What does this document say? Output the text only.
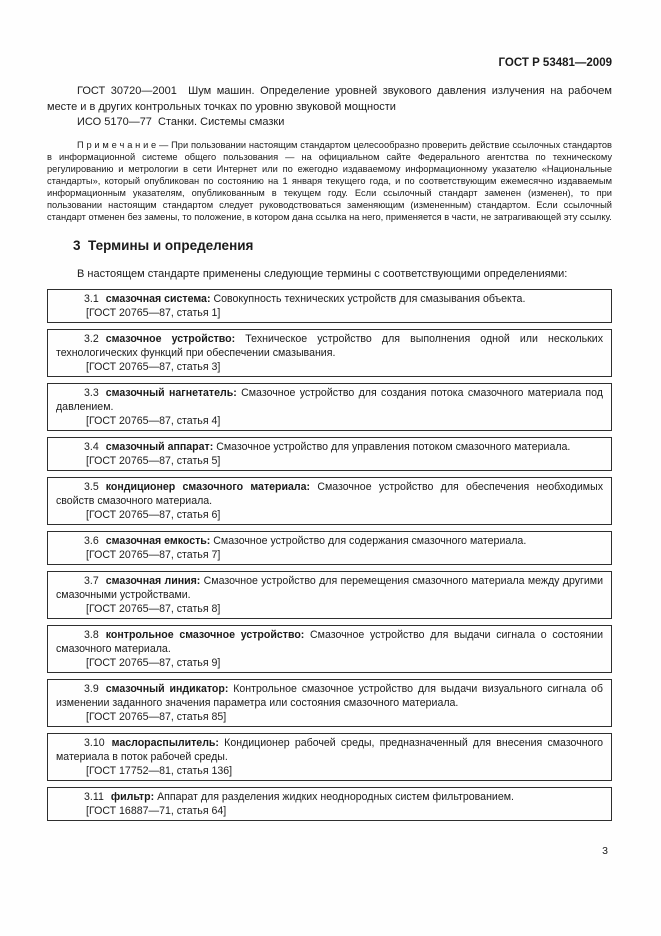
ГОСТ Р 53481—2009

ГОСТ 30720—2001  Шум машин. Определение уровней звукового давления излучения на рабочем месте и в других контрольных точках по уровню звуковой мощности

ИСО 5170—77  Станки. Системы смазки

П р и м е ч а н и е — При пользовании настоящим стандартом целесообразно проверить действие ссылочных стандартов в информационной системе общего пользования — на официальном сайте Федерального агентства по техническому регулированию и метрологии в сети Интернет или по ежегодно издаваемому информационному указателю «Национальные стандарты», который опубликован по состоянию на 1 января текущего года, и по соответствующим ежемесячно издаваемым информационным указателям, опубликованным в текущем году. Если ссылочный стандарт заменен (изменен), то при пользовании настоящим стандартом следует руководствоваться заменяющим (измененным) стандартом. Если ссылочный стандарт отменен без замены, то положение, в котором дана ссылка на него, применяется в части, не затрагивающей эту ссылку.

3  Термины и определения

В настоящем стандарте применены следующие термины с соответствующими определениями:

3.1 смазочная система: Совокупность технических устройств для смазывания объекта.

[ГОСТ 20765—87, статья 1]

3.2 смазочное устройство: Техническое устройство для выполнения одной или нескольких технологических функций при обеспечении смазывания.

[ГОСТ 20765—87, статья 3]

3.3 смазочный нагнетатель: Смазочное устройство для создания потока смазочного материала под давлением.

[ГОСТ 20765—87, статья 4]

3.4 смазочный аппарат: Смазочное устройство для управления потоком смазочного материала.

[ГОСТ 20765—87, статья 5]

3.5 кондиционер смазочного материала: Смазочное устройство для обеспечения необходимых свойств смазочного материала.

[ГОСТ 20765—87, статья 6]

3.6 смазочная емкость: Смазочное устройство для содержания смазочного материала.

[ГОСТ 20765—87, статья 7]

3.7 смазочная линия: Смазочное устройство для перемещения смазочного материала между другими смазочными устройствами.

[ГОСТ 20765—87, статья 8]

3.8 контрольное смазочное устройство: Смазочное устройство для выдачи сигнала о состоянии смазочного материала.

[ГОСТ 20765—87, статья 9]

3.9 смазочный индикатор: Контрольное смазочное устройство для выдачи визуального сигнала об изменении заданного значения параметра или состояния смазочного материала.

[ГОСТ 20765—87, статья 85]

3.10 маслораспылитель: Кондиционер рабочей среды, предназначенный для внесения смазочного материала в поток рабочей среды.

[ГОСТ 17752—81, статья 136]

3.11 фильтр: Аппарат для разделения жидких неоднородных систем фильтрованием.

[ГОСТ 16887—71, статья 64]

3
